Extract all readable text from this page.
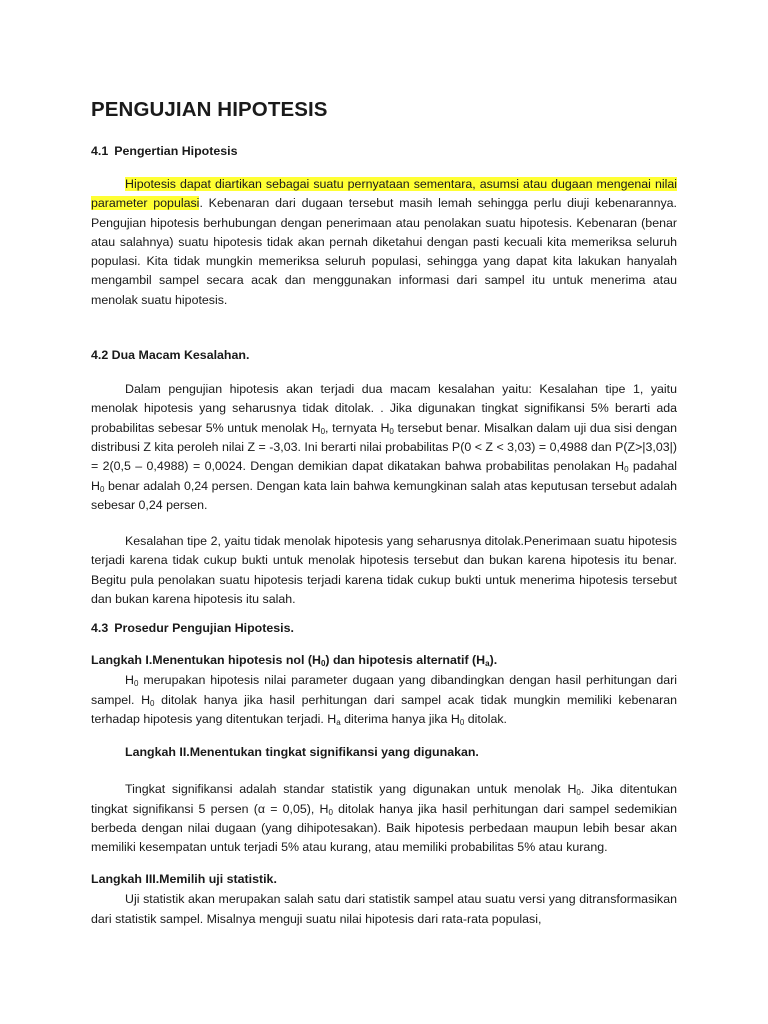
PENGUJIAN HIPOTESIS

4.1 Pengertian Hipotesis

Hipotesis dapat diartikan sebagai suatu pernyataan sementara, asumsi atau dugaan mengenai nilai parameter populasi. Kebenaran dari dugaan tersebut masih lemah sehingga perlu diuji kebenarannya. Pengujian hipotesis berhubungan dengan penerimaan atau penolakan suatu hipotesis. Kebenaran (benar atau salahnya) suatu hipotesis tidak akan pernah diketahui dengan pasti kecuali kita memeriksa seluruh populasi. Kita tidak mungkin memeriksa seluruh populasi, sehingga yang dapat kita lakukan hanyalah mengambil sampel secara acak dan menggunakan informasi dari sampel itu untuk menerima atau menolak suatu hipotesis.

4.2 Dua Macam Kesalahan.

Dalam pengujian hipotesis akan terjadi dua macam kesalahan yaitu: Kesalahan tipe 1, yaitu menolak hipotesis yang seharusnya tidak ditolak. . Jika digunakan tingkat signifikansi 5% berarti ada probabilitas sebesar 5% untuk menolak $H_0$, ternyata $H_0$ tersebut benar. Misalkan dalam uji dua sisi dengan distribusi Z kita peroleh nilai Z = -3,03. Ini berarti nilai probabilitas P(0 < Z < 3,03) = 0,4988 dan P(Z>|3,03|) = 2(0,5 – 0,4988) = 0,0024. Dengan demikian dapat dikatakan bahwa probabilitas penolakan $H_0$ padahal $H_0$ benar adalah 0,24 persen. Dengan kata lain bahwa kemungkinan salah atas keputusan tersebut adalah sebesar 0,24 persen.

Kesalahan tipe 2, yaitu tidak menolak hipotesis yang seharusnya ditolak.Penerimaan suatu hipotesis terjadi karena tidak cukup bukti untuk menolak hipotesis tersebut dan bukan karena hipotesis itu benar. Begitu pula penolakan suatu hipotesis terjadi karena tidak cukup bukti untuk menerima hipotesis tersebut dan bukan karena hipotesis itu salah.

4.3 Prosedur Pengujian Hipotesis.

Langkah I.Menentukan hipotesis nol $(H_0)$ dan hipotesis alternatif $(H_a)$.

$H_0$ merupakan hipotesis nilai parameter dugaan yang dibandingkan dengan hasil perhitungan dari sampel. $H_0$ ditolak hanya jika hasil perhitungan dari sampel acak tidak mungkin memiliki kebenaran terhadap hipotesis yang ditentukan terjadi. $H_a$ diterima hanya jika $H_0$ ditolak.

Langkah II.Menentukan tingkat signifikansi yang digunakan.

Tingkat signifikansi adalah standar statistik yang digunakan untuk menolak $H_0$. Jika ditentukan tingkat signifikansi 5 persen (α = 0,05), $H_0$ ditolak hanya jika hasil perhitungan dari sampel sedemikian berbeda dengan nilai dugaan (yang dihipotesakan). Baik hipotesis perbedaan maupun lebih besar akan memiliki kesempatan untuk terjadi 5% atau kurang, atau memiliki probabilitas 5% atau kurang.

Langkah III.Memilih uji statistik.

Uji statistik akan merupakan salah satu dari statistik sampel atau suatu versi yang ditransformasikan dari statistik sampel. Misalnya menguji suatu nilai hipotesis dari rata-rata populasi,
